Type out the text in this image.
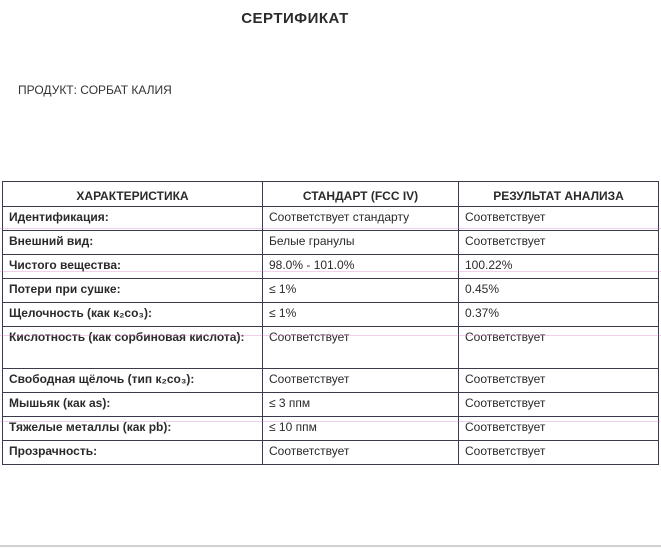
СЕРТИФИКАТ
ПРОДУКТ: СОРБАТ КАЛИЯ
ХАРАКТЕРИСТИКА	СТАНДАРТ (FCC IV)	РЕЗУЛЬТАТ АНАЛИЗА
Идентификация:	Соответствует стандарту	Соответствует
Внешний вид:	Белые гранулы	Соответствует
Чистого вещества:	98.0% - 101.0%	100.22%
Потери при сушке:	≤ 1%	0.45%
Щелочность (как к₂со₃):	≤ 1%	0.37%
Кислотность (как сорбиновая кислота):	Соответствует	Соответствует
Свободная щёлочь (тип к₂со₃):	Соответствует	Соответствует
Мышьяк (как as):	≤ 3 ппм	Соответствует
Тяжелые металлы (как pb):	≤ 10 ппм	Соответствует
Прозрачность:	Соответствует	Соответствует
